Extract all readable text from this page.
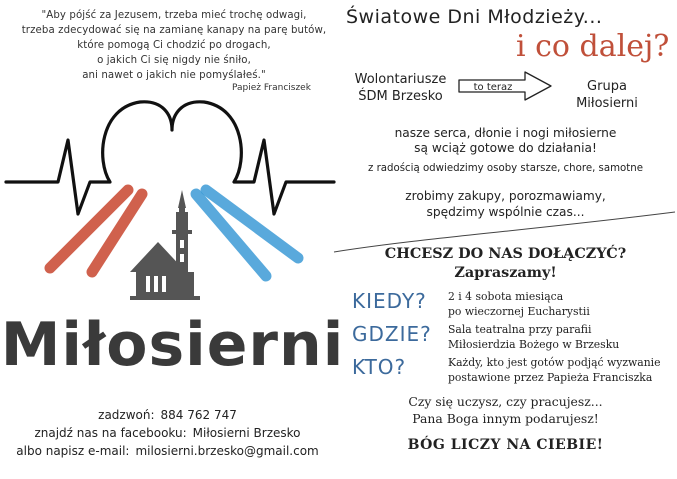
"Aby pójść za Jezusem, trzeba mieć trochę odwagi,
trzeba zdecydować się na zamianę kanapy na parę butów,
które pomogą Ci chodzić po drogach,
o jakich Ci się nigdy nie śniło,
ani nawet o jakich nie pomyślałeś."
Papież Franciszek
Miłosierni
zadzwoń: 884 762 747
znajdź nas na facebooku: Miłosierni Brzesko
albo napisz e-mail: milosierni.brzesko@gmail.com
Światowe Dni Młodzieży...
i co dalej?
Wolontariusze
ŚDM Brzesko
to teraz	Grupa
Miłosierni
nasze serca, dłonie i nogi miłosierne
są wciąż gotowe do działania!
z radością odwiedzimy osoby starsze, chore, samotne
zrobimy zakupy, porozmawiamy,
spędzimy wspólnie czas...
CHCESZ DO NAS DOŁĄCZYĆ?
Zapraszamy!
KIEDY? 2 i 4 sobota miesiąca
po wieczornej Eucharystii
GDZIE? Sala teatralna przy parafii
Miłosierdzia Bożego w Brzesku
KTO?	Każdy, kto jest gotów podjąć wyzwanie
postawione przez Papieża Franciszka
Czy się uczysz, czy pracujesz...
Pana Boga innym podarujesz!
BÓG LICZY NA CIEBIE!
